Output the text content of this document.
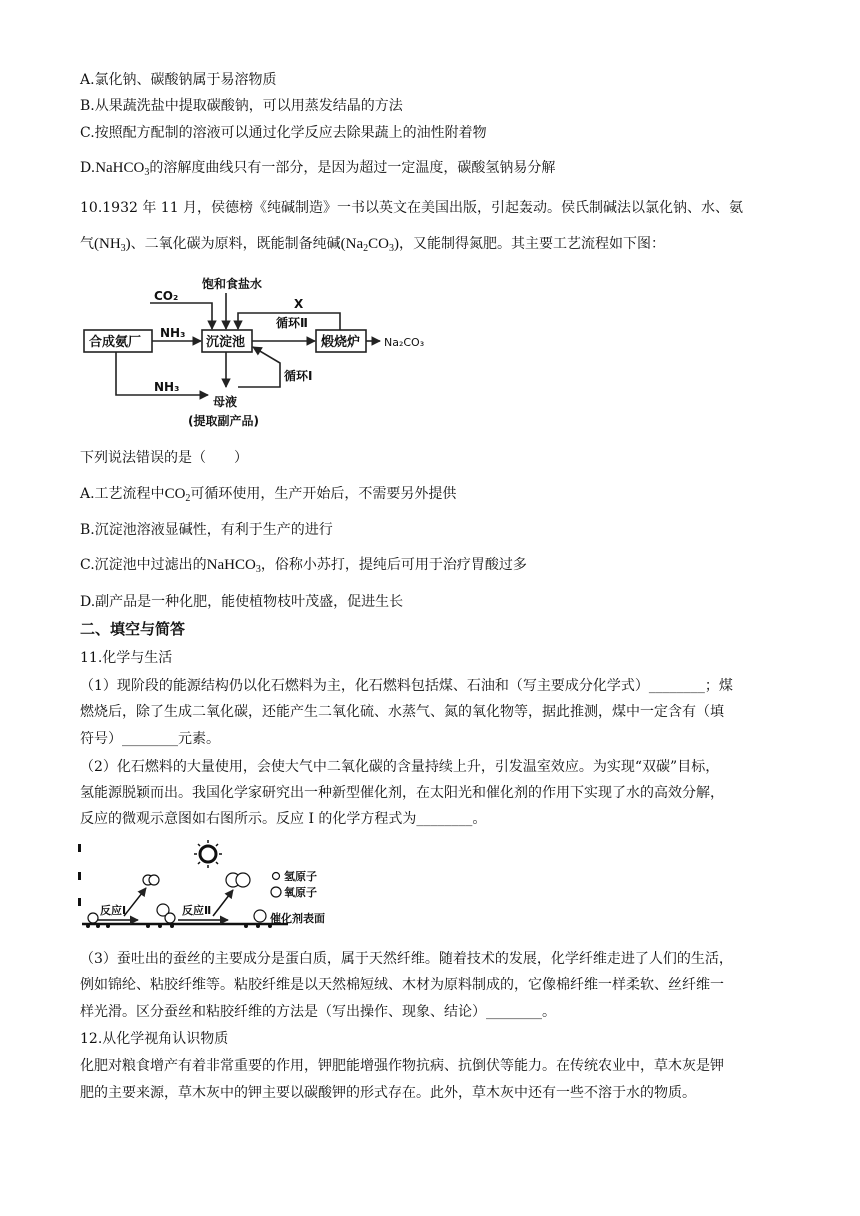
A.氯化钠、碳酸钠属于易溶物质
B.从果蔬洗盐中提取碳酸钠，可以用蒸发结晶的方法
C.按照配方配制的溶液可以通过化学反应去除果蔬上的油性附着物
D.NaHCO$_3$的溶解度曲线只有一部分，是因为超过一定温度，碳酸氢钠易分解
10.1932 年 11 月，侯德榜《纯碱制造》一书以英文在美国出版，引起轰动。侯氏制碱法以氯化钠、水、氨
气$(NH_3)$、二氧化碳为原料，既能制备纯碱$(Na_2CO_3)$，又能制得氮肥。其主要工艺流程如下图：
饱和食盐水
CO₂
X
循环Ⅱ
合成氨厂
NH₃
沉淀池	煅烧炉 Na₂CO₃
循环Ⅰ
NH₃
母液
(提取副产品)
下列说法错误的是（　　）
A.工艺流程中$CO_2$可循环使用，生产开始后，不需要另外提供
B.沉淀池溶液显碱性，有利于生产的进行
C.沉淀池中过滤出的NaHCO$_3$，俗称小苏打，提纯后可用于治疗胃酸过多
D.副产品是一种化肥，能使植物枝叶茂盛，促进生长
二、填空与简答
11.化学与生活
（1）现阶段的能源结构仍以化石燃料为主，化石燃料包括煤、石油和（写主要成分化学式）________；煤
燃烧后，除了生成二氧化碳，还能产生二氧化硫、水蒸气、氮的氧化物等，据此推测，煤中一定含有（填
符号）________元素。
（2）化石燃料的大量使用，会使大气中二氧化碳的含量持续上升，引发温室效应。为实现“双碳”目标，
氢能源脱颖而出。我国化学家研究出一种新型催化剂，在太阳光和催化剂的作用下实现了水的高效分解，
反应的微观示意图如右图所示。反应 I 的化学方程式为________。
反应Ⅰ	反应Ⅱ
氢原子
氧原子
催化剂表面
（3）蚕吐出的蚕丝的主要成分是蛋白质，属于天然纤维。随着技术的发展，化学纤维走进了人们的生活，
例如锦纶、粘胶纤维等。粘胶纤维是以天然棉短绒、木材为原料制成的，它像棉纤维一样柔软、丝纤维一
样光滑。区分蚕丝和粘胶纤维的方法是（写出操作、现象、结论）________。
12.从化学视角认识物质
化肥对粮食增产有着非常重要的作用，钾肥能增强作物抗病、抗倒伏等能力。在传统农业中，草木灰是钾
肥的主要来源，草木灰中的钾主要以碳酸钾的形式存在。此外，草木灰中还有一些不溶于水的物质。
